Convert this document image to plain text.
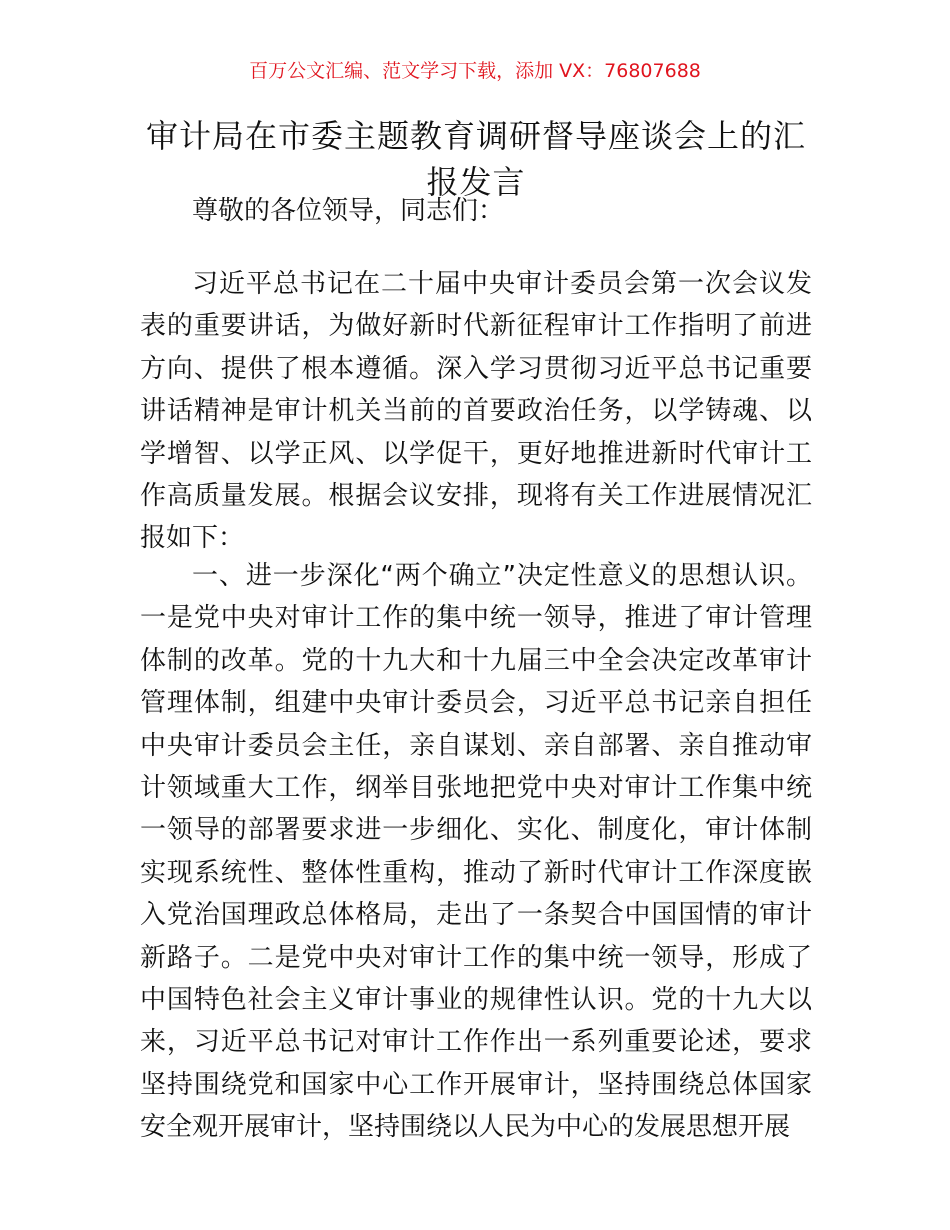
百万公文汇编、范文学习下载，添加 VX：76807688
审计局在市委主题教育调研督导座谈会上的汇报发言

尊敬的各位领导，同志们：

习近平总书记在二十届中央审计委员会第一次会议发表的重要讲话，为做好新时代新征程审计工作指明了前进方向、提供了根本遵循。深入学习贯彻习近平总书记重要讲话精神是审计机关当前的首要政治任务，以学铸魂、以学增智、以学正风、以学促干，更好地推进新时代审计工作高质量发展。根据会议安排，现将有关工作进展情况汇报如下：

一、进一步深化“两个确立”决定性意义的思想认识。一是党中央对审计工作的集中统一领导，推进了审计管理体制的改革。党的十九大和十九届三中全会决定改革审计管理体制，组建中央审计委员会，习近平总书记亲自担任中央审计委员会主任，亲自谋划、亲自部署、亲自推动审计领域重大工作，纲举目张地把党中央对审计工作集中统一领导的部署要求进一步细化、实化、制度化，审计体制实现系统性、整体性重构，推动了新时代审计工作深度嵌入党治国理政总体格局，走出了一条契合中国国情的审计新路子。二是党中央对审计工作的集中统一领导，形成了中国特色社会主义审计事业的规律性认识。党的十九大以来，习近平总书记对审计工作作出一系列重要论述，要求坚持围绕党和国家中心工作开展审计，坚持围绕总体国家安全观开展审计，坚持围绕以人民为中心的发展思想开展
